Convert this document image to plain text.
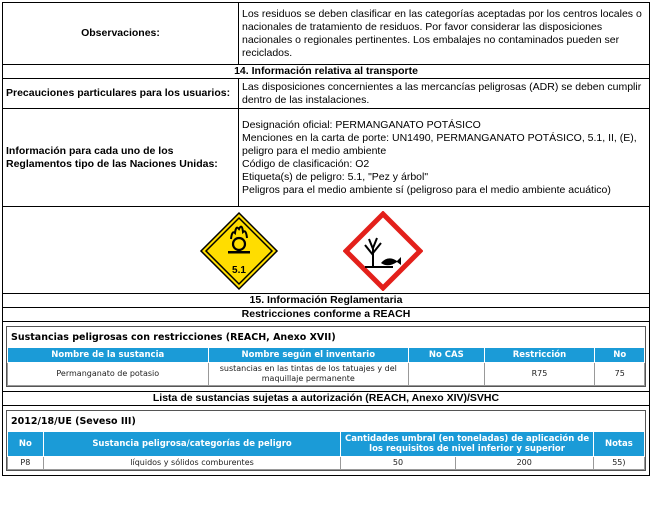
Observaciones:	Los residuos se deben clasificar en las categorías aceptadas por los centros locales o nacionales de tratamiento de residuos. Por favor considerar las disposiciones nacionales o regionales pertinentes. Los embalajes no contaminados pueden ser reciclados.
14. Información relativa al transporte
Precauciones particulares para los usuarios:	Las disposiciones concernientes a las mercancías peligrosas (ADR) se deben cumplir dentro de las instalaciones.
Información para cada uno de los Reglamentos tipo de las Naciones Unidas:	
Designación oficial: PERMANGANATO POTÁSICO
Menciones en la carta de porte: UN1490, PERMANGANATO POTÁSICO, 5.1, II, (E), peligro para el medio ambiente
Código de clasificación: O2
Etiqueta(s) de peligro: 5.1, "Pez y árbol"
Peligros para el medio ambiente sí (peligroso para el medio ambiente acuático)

5.1

15. Información Reglamentaria
Restricciones conforme a REACH

Sustancias peligrosas con restricciones (REACH, Anexo XVII)
Nombre de la sustancia	Nombre según el inventario	No CAS	Restricción	No
Permanganato de potasio	sustancias en las tintas de los tatuajes y del maquillaje permanente		R75	75

Lista de sustancias sujetas a autorización (REACH, Anexo XIV)/SVHC

2012/18/UE (Seveso III)
No	Sustancia peligrosa/categorías de peligro	Cantidades umbral (en toneladas) de aplicación de los requisitos de nivel inferior y superior	Notas
P8	líquidos y sólidos comburentes	50	200	55)
